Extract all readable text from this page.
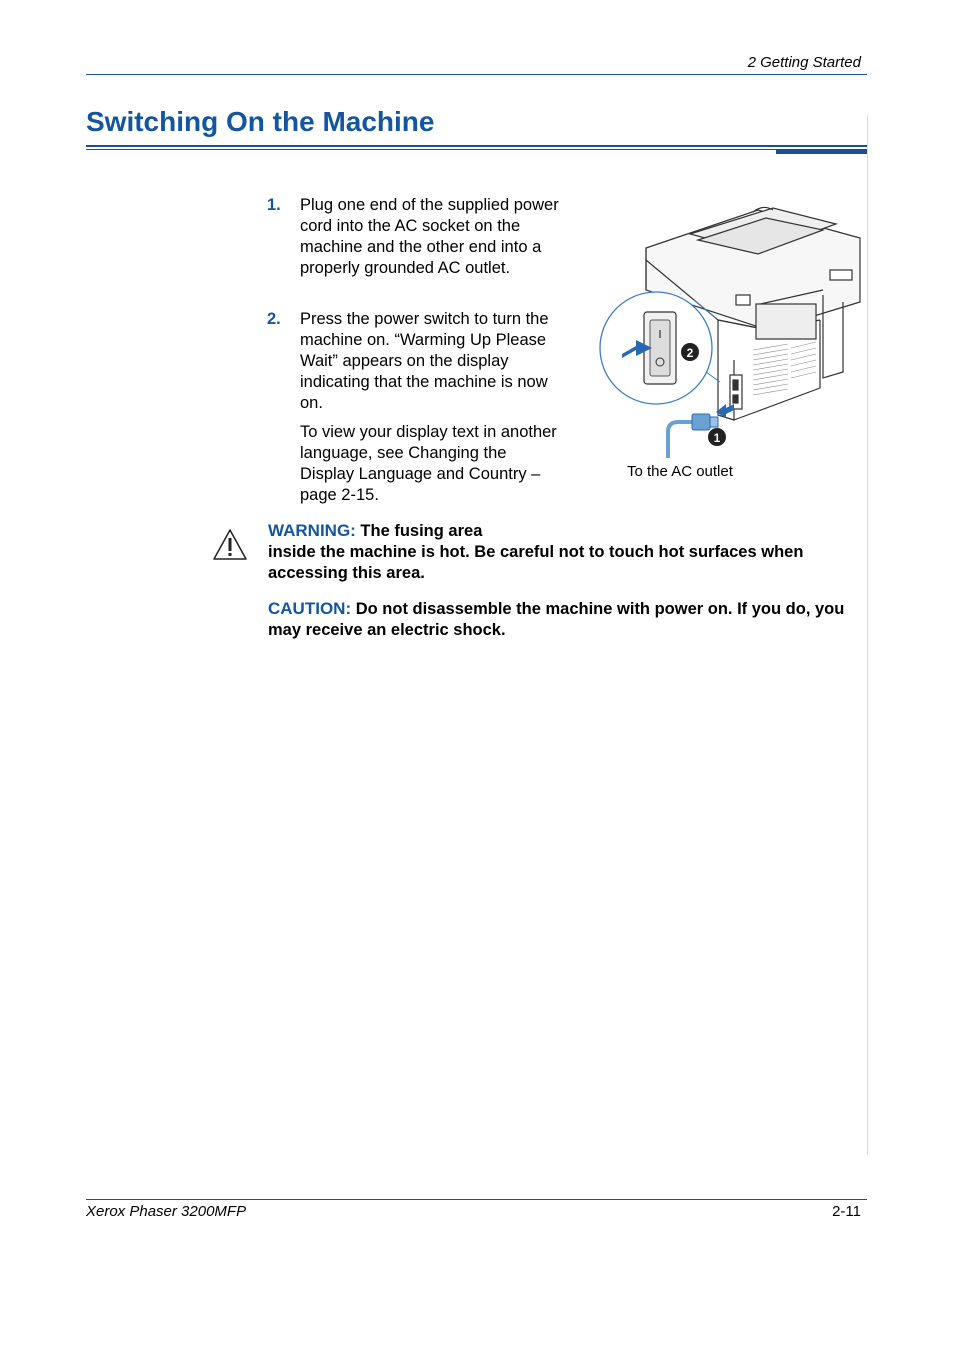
2 Getting Started
Switching On the Machine
1. Plug one end of the supplied power cord into the AC socket on the machine and the other end into a properly grounded AC outlet.
2. Press the power switch to turn the machine on. “Warming Up Please Wait” appears on the display indicating that the machine is now on.
To view your display text in another language, see Changing the Display Language and Country – page 2-15.
2
1
To the AC outlet
WARNING: The fusing area
inside the machine is hot. Be careful not to touch hot surfaces when accessing this area.
CAUTION: Do not disassemble the machine with power on. If you do, you may receive an electric shock.
Xerox Phaser 3200MFP	2-11
